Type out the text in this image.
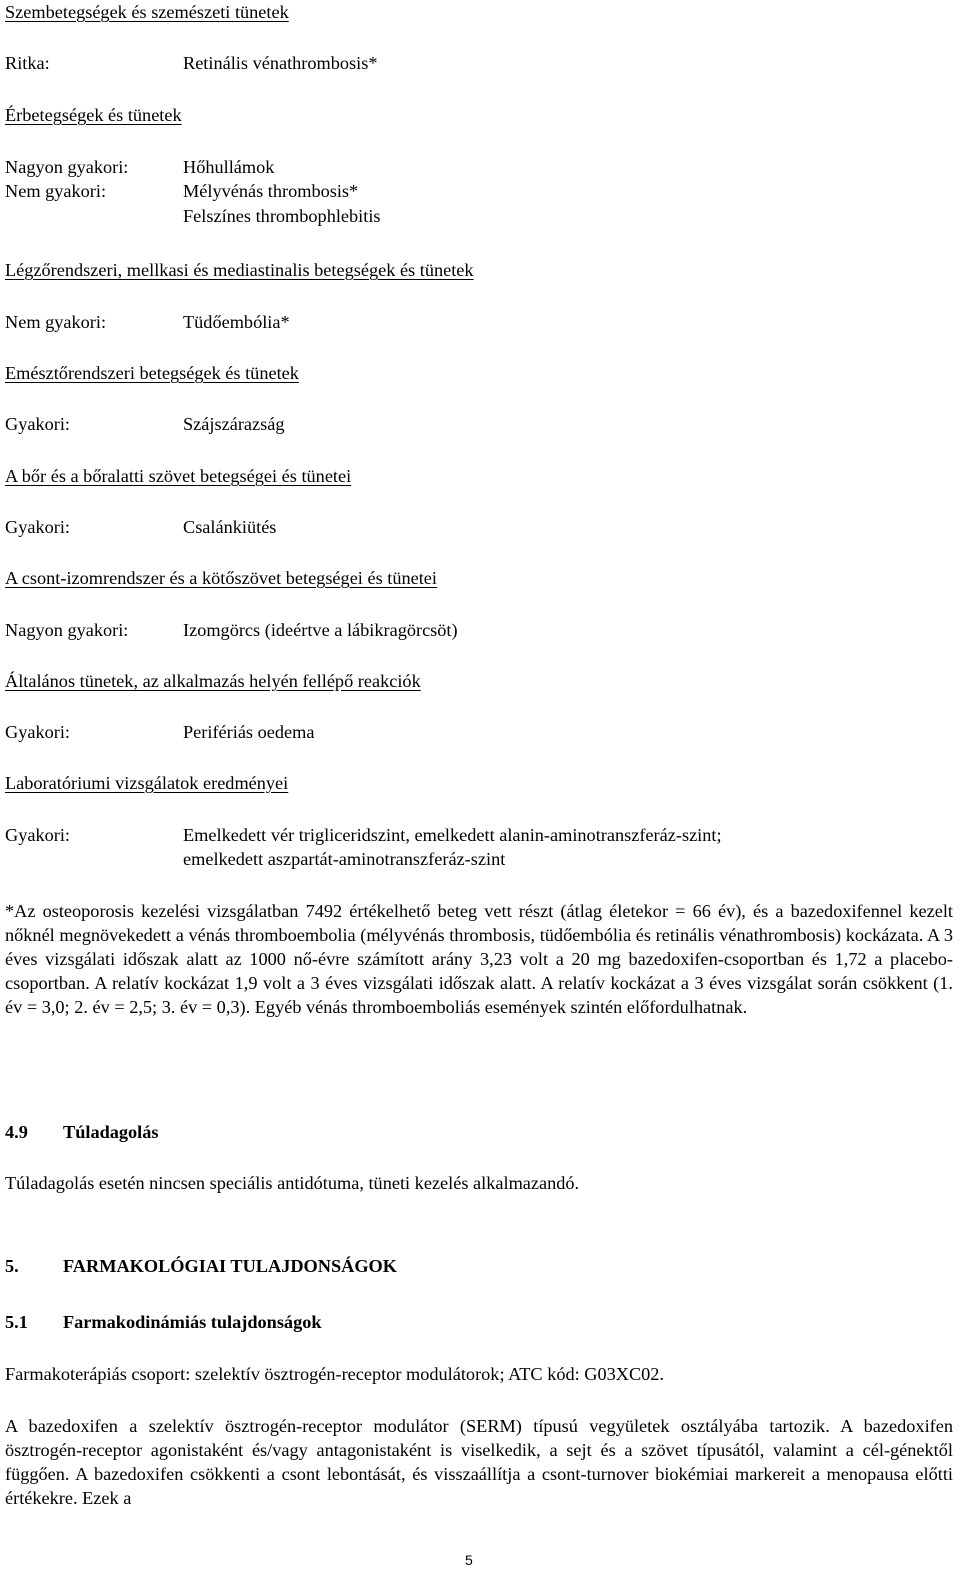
Szembetegségek és szemészeti tünetek
Ritka:	Retinális vénathrombosis*
Érbetegségek és tünetek
Nagyon gyakori:	Hőhullámok
Nem gyakori:	Mélyvénás thrombosis*
Felszínes thrombophlebitis
Légzőrendszeri, mellkasi és mediastinalis betegségek és tünetek
Nem gyakori:	Tüdőembólia*
Emésztőrendszeri betegségek és tünetek
Gyakori:	Szájszárazság
A bőr és a bőralatti szövet betegségei és tünetei
Gyakori:	Csalánkiütés
A csont-izomrendszer és a kötőszövet betegségei és tünetei
Nagyon gyakori:	Izomgörcs (ideértve a lábikragörcsöt)
Általános tünetek, az alkalmazás helyén fellépő reakciók
Gyakori:	Perifériás oedema
Laboratóriumi vizsgálatok eredményei
Gyakori:	Emelkedett vér trigliceridszint, emelkedett alanin-aminotranszferáz-szint;
emelkedett aszpartát-aminotranszferáz-szint
*Az osteoporosis kezelési vizsgálatban 7492 értékelhető beteg vett részt (átlag életekor = 66 év), és a bazedoxifennel kezelt nőknél megnövekedett a vénás thromboembolia (mélyvénás thrombosis, tüdőembólia és retinális vénathrombosis) kockázata. A 3 éves vizsgálati időszak alatt az 1000 nő-évre számított arány 3,23 volt a 20 mg bazedoxifen-csoportban és 1,72 a placebo-csoportban. A relatív kockázat 1,9 volt a 3 éves vizsgálati időszak alatt. A relatív kockázat a 3 éves vizsgálat során csökkent (1. év = 3,0; 2. év = 2,5; 3. év = 0,3). Egyéb vénás thromboemboliás események szintén előfordulhatnak.
4.9 Túladagolás
Túladagolás esetén nincsen speciális antidótuma, tüneti kezelés alkalmazandó.
5. FARMAKOLÓGIAI TULAJDONSÁGOK
5.1 Farmakodinámiás tulajdonságok
Farmakoterápiás csoport: szelektív ösztrogén-receptor modulátorok; ATC kód: G03XC02.
A bazedoxifen a szelektív ösztrogén-receptor modulátor (SERM) típusú vegyületek osztályába tartozik. A bazedoxifen ösztrogén-receptor agonistaként és/vagy antagonistaként is viselkedik, a sejt és a szövet típusától, valamint a cél-génektől függően. A bazedoxifen csökkenti a csont lebontását, és visszaállítja a csont-turnover biokémiai markereit a menopausa előtti értékekre. Ezek a
5
